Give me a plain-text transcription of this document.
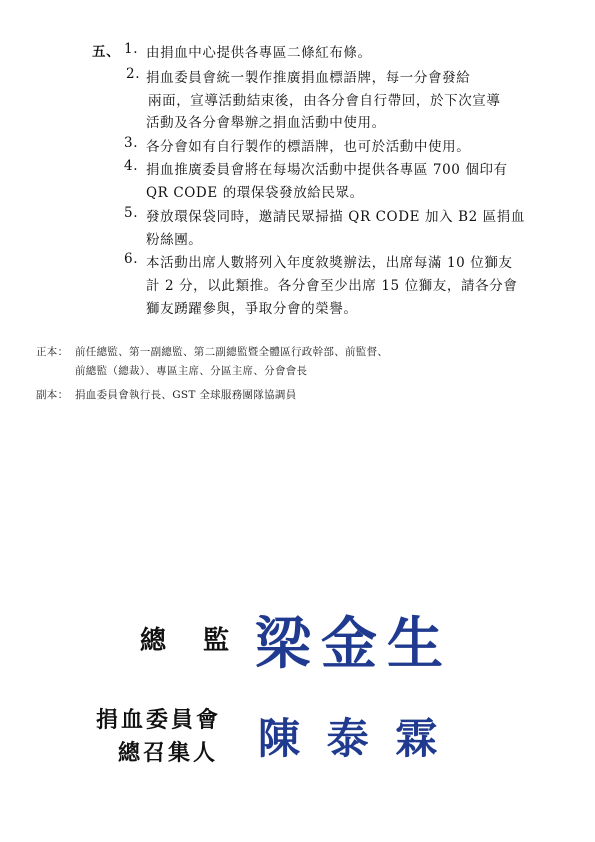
五、 1. 由捐血中心提供各專區二條紅布條。
2. 捐血委員會統一製作推廣捐血標語牌，每一分會發給
兩面，宣導活動結束後，由各分會自行帶回，於下次宣導
活動及各分會舉辦之捐血活動中使用。
3. 各分會如有自行製作的標語牌，也可於活動中使用。
4. 捐血推廣委員會將在每場次活動中提供各專區 700 個印有
QR CODE 的環保袋發放給民眾。
5. 發放環保袋同時，邀請民眾掃描 QR CODE 加入 B2 區捐血
粉絲團。
6. 本活動出席人數將列入年度敘獎辦法，出席每滿 10 位獅友
計 2 分，以此類推。各分會至少出席 15 位獅友，請各分會
獅友踴躍參與，爭取分會的榮譽。
正本： 前任總監、第一副總監、第二副總監暨全體區行政幹部、前監督、
前總監（總裁）、專區主席、分區主席、分會會長
副本： 捐血委員會執行長、GST 全球服務團隊協調員
總 監 梁金生
捐血委員會
總召集人 陳 泰 霖
